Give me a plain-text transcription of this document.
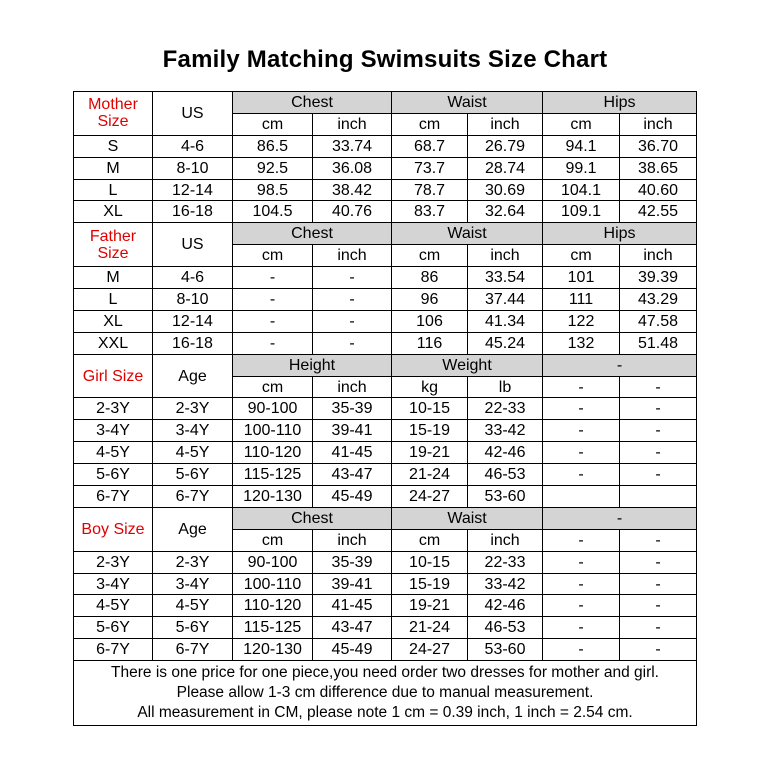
Family Matching Swimsuits Size Chart
Mother Size	US	Chest		Waist		Hips	
		cm	inch	cm	inch	cm	inch
S	4-6	86.5	33.74	68.7	26.79	94.1	36.70
M	8-10	92.5	36.08	73.7	28.74	99.1	38.65
L	12-14	98.5	38.42	78.7	30.69	104.1	40.60
XL	16-18	104.5	40.76	83.7	32.64	109.1	42.55
Father Size	US	Chest		Waist		Hips	
		cm	inch	cm	inch	cm	inch
M	4-6	-	-	86	33.54	101	39.39
L	8-10	-	-	96	37.44	111	43.29
XL	12-14	-	-	106	41.34	122	47.58
XXL	16-18	-	-	116	45.24	132	51.48
Girl Size	Age	Height		Weight		-	
		cm	inch	kg	lb	-	-
2-3Y	2-3Y	90-100	35-39	10-15	22-33	-	-
3-4Y	3-4Y	100-110	39-41	15-19	33-42	-	-
4-5Y	4-5Y	110-120	41-45	19-21	42-46	-	-
5-6Y	5-6Y	115-125	43-47	21-24	46-53	-	-
6-7Y	6-7Y	120-130	45-49	24-27	53-60		
Boy Size	Age	Chest		Waist		-	
		cm	inch	cm	inch	-	-
2-3Y	2-3Y	90-100	35-39	10-15	22-33	-	-
3-4Y	3-4Y	100-110	39-41	15-19	33-42	-	-
4-5Y	4-5Y	110-120	41-45	19-21	42-46	-	-
5-6Y	5-6Y	115-125	43-47	21-24	46-53	-	-
6-7Y	6-7Y	120-130	45-49	24-27	53-60	-	-

There is one price for one piece,you need order two dresses for mother and girl.
Please allow 1-3 cm difference due to manual measurement.
All measurement in CM, please note 1 cm = 0.39 inch, 1 inch = 2.54 cm.							
